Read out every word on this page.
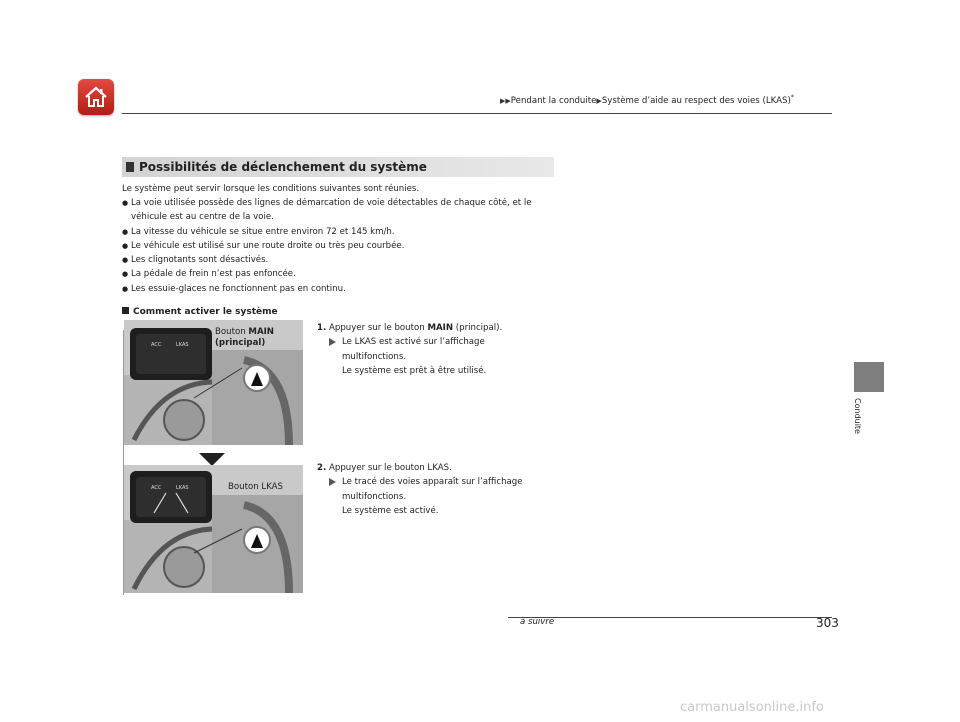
▶▶Pendant la conduite▶Système d’aide au respect des voies (LKAS)*
Possibilités de déclenchement du système
Le système peut servir lorsque les conditions suivantes sont réunies.
● La voie utilisée possède des lignes de démarcation de voie détectables de chaque côté, et le véhicule est au centre de la voie.
● La vitesse du véhicule se situe entre environ 72 et 145 km/h.
● Le véhicule est utilisé sur une route droite ou très peu courbée.
● Les clignotants sont désactivés.
● La pédale de frein n’est pas enfoncée.
● Les essuie-glaces ne fonctionnent pas en continu.
Comment activer le système
ACC	LKAS
ACC	LKAS
Bouton MAIN
(principal)
Bouton LKAS
1. Appuyer sur le bouton MAIN (principal).
Le LKAS est activé sur l’affichage
multifonctions.
Le système est prêt à être utilisé.
2. Appuyer sur le bouton LKAS.
Le tracé des voies apparaît sur l’affichage
multifonctions.
Le système est activé.
Conduite
à suivre	303
carmanualsonline.info
